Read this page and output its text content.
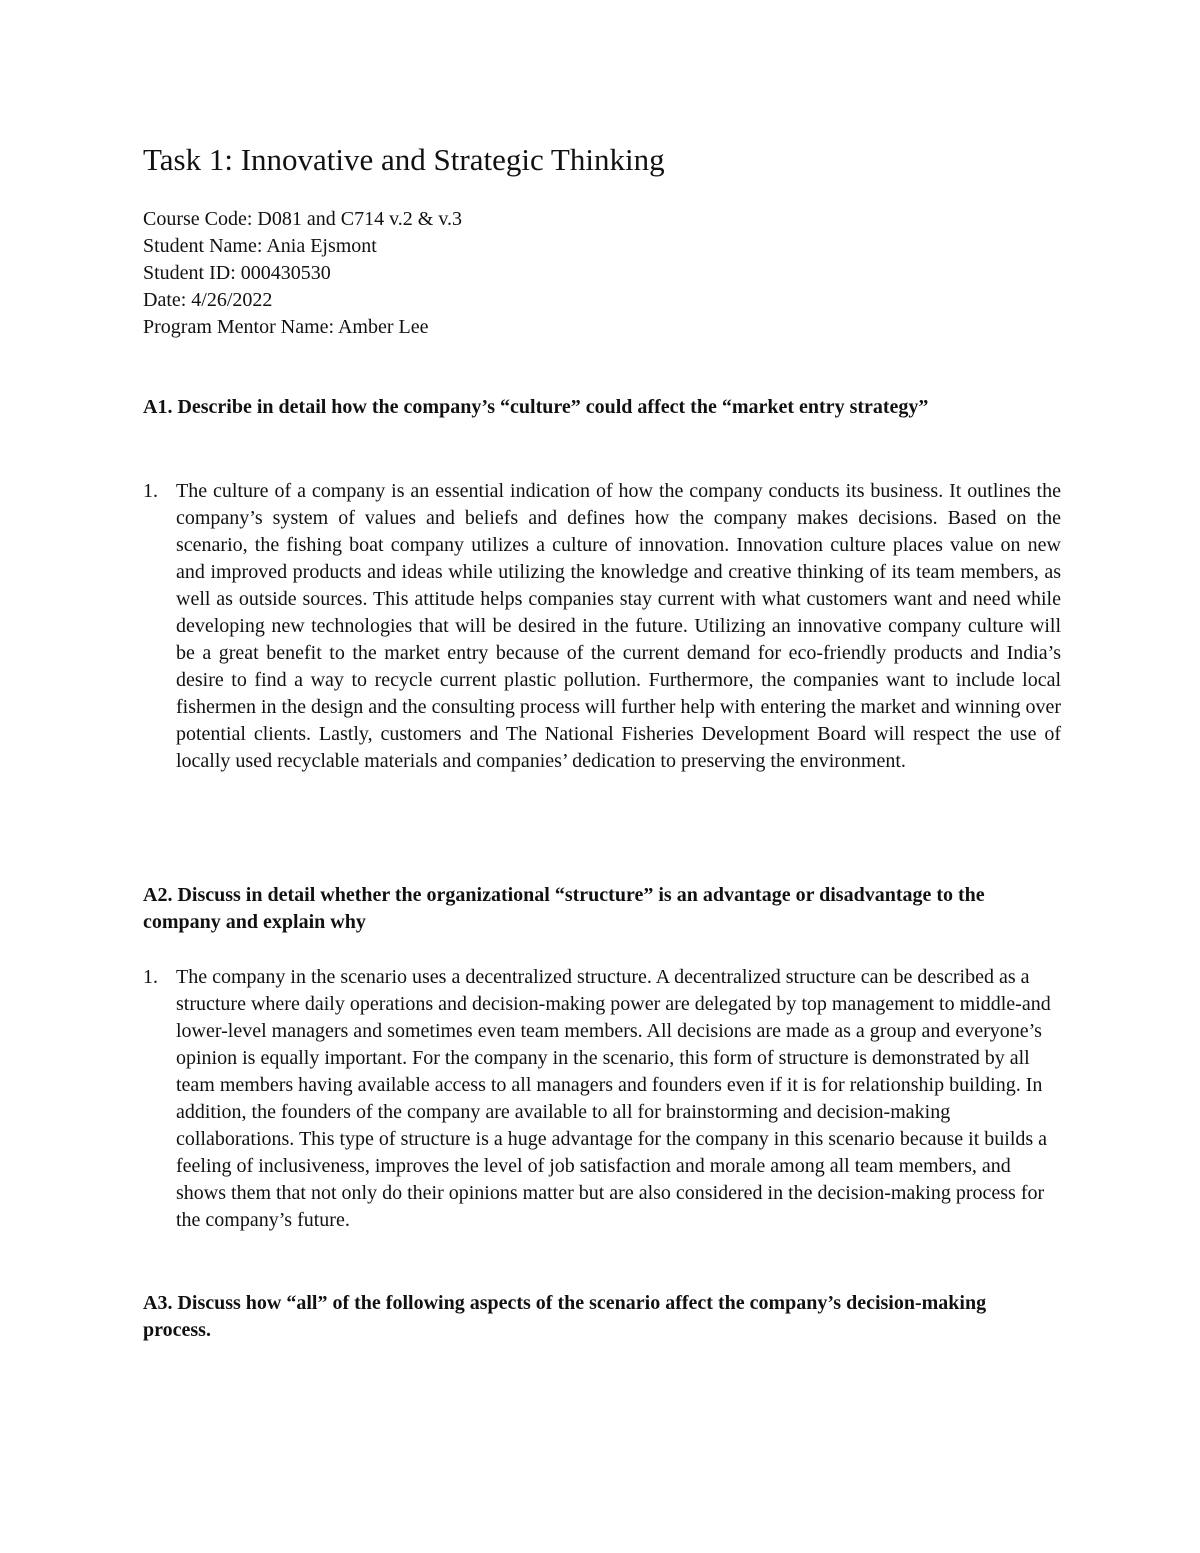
Task 1: Innovative and Strategic Thinking
Course Code: D081 and C714 v.2 & v.3
Student Name: Ania Ejsmont
Student ID: 000430530
Date: 4/26/2022
Program Mentor Name: Amber Lee
A1. Describe in detail how the company’s “culture” could affect the “market entry strategy”
1. The culture of a company is an essential indication of how the company conducts its business. It outlines the company’s system of values and beliefs and defines how the company makes decisions. Based on the scenario, the fishing boat company utilizes a culture of innovation. Innovation culture places value on new and improved products and ideas while utilizing the knowledge and creative thinking of its team members, as well as outside sources. This attitude helps companies stay current with what customers want and need while developing new technologies that will be desired in the future. Utilizing an innovative company culture will be a great benefit to the market entry because of the current demand for eco-friendly products and India’s desire to find a way to recycle current plastic pollution. Furthermore, the companies want to include local fishermen in the design and the consulting process will further help with entering the market and winning over potential clients. Lastly, customers and The National Fisheries Development Board will respect the use of locally used recyclable materials and companies’ dedication to preserving the environment.
A2. Discuss in detail whether the organizational “structure” is an advantage or disadvantage to the company and explain why
1. The company in the scenario uses a decentralized structure. A decentralized structure can be described as a structure where daily operations and decision-making power are delegated by top management to middle-and lower-level managers and sometimes even team members. All decisions are made as a group and everyone’s opinion is equally important. For the company in the scenario, this form of structure is demonstrated by all team members having available access to all managers and founders even if it is for relationship building. In addition, the founders of the company are available to all for brainstorming and decision-making collaborations. This type of structure is a huge advantage for the company in this scenario because it builds a feeling of inclusiveness, improves the level of job satisfaction and morale among all team members, and shows them that not only do their opinions matter but are also considered in the decision-making process for the company’s future.
A3. Discuss how “all” of the following aspects of the scenario affect the company’s decision-making process.
